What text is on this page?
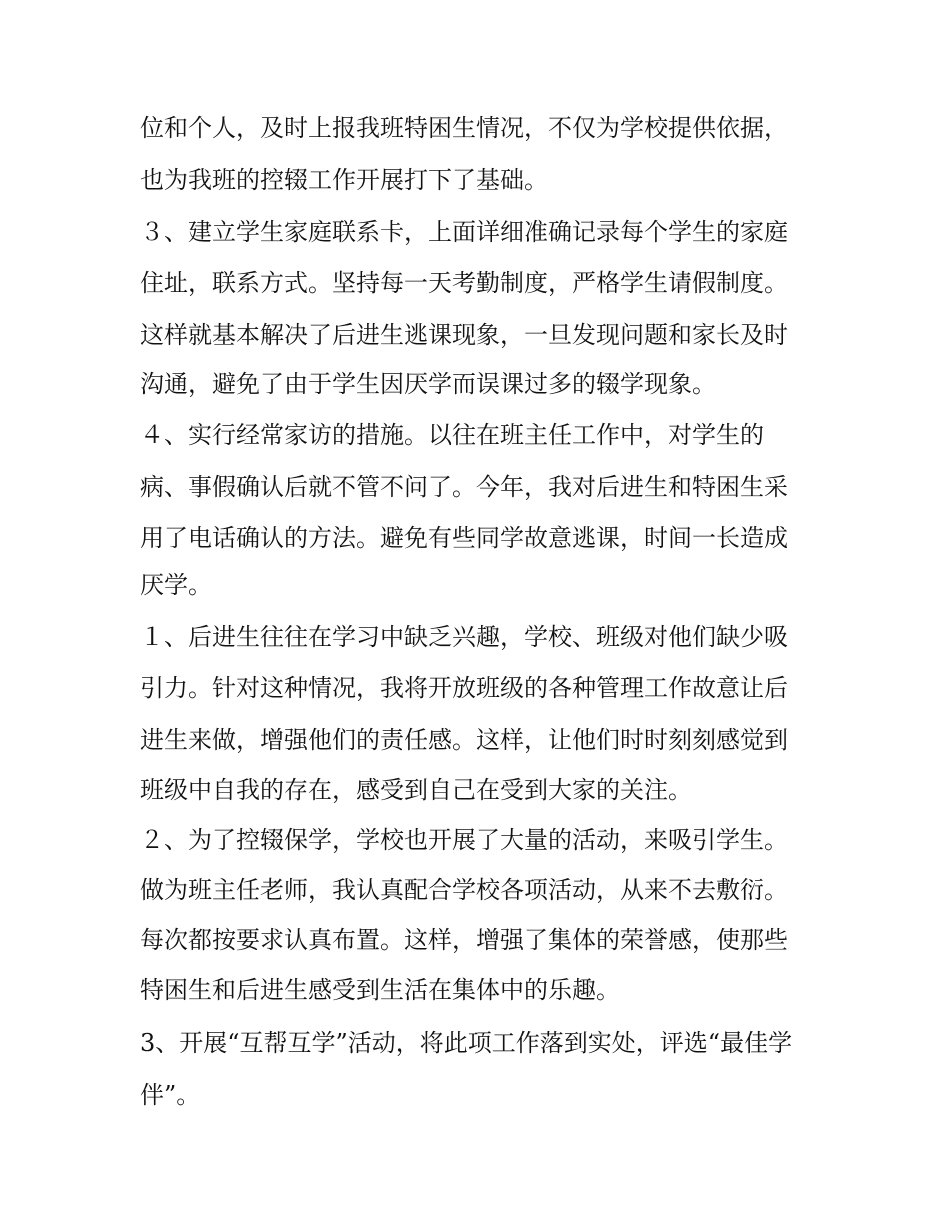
位和个人，及时上报我班特困生情况，不仅为学校提供依据，
也为我班的控辍工作开展打下了基础。
３、建立学生家庭联系卡，上面详细准确记录每个学生的家庭
住址，联系方式。坚持每一天考勤制度，严格学生请假制度。
这样就基本解决了后进生逃课现象，一旦发现问题和家长及时
沟通，避免了由于学生因厌学而误课过多的辍学现象。
４、实行经常家访的措施。以往在班主任工作中，对学生的
病、事假确认后就不管不问了。今年，我对后进生和特困生采
用了电话确认的方法。避免有些同学故意逃课，时间一长造成
厌学。
１、后进生往往在学习中缺乏兴趣，学校、班级对他们缺少吸
引力。针对这种情况，我将开放班级的各种管理工作故意让后
进生来做，增强他们的责任感。这样，让他们时时刻刻感觉到
班级中自我的存在，感受到自己在受到大家的关注。
２、为了控辍保学，学校也开展了大量的活动，来吸引学生。
做为班主任老师，我认真配合学校各项活动，从来不去敷衍。
每次都按要求认真布置。这样，增强了集体的荣誉感，使那些
特困生和后进生感受到生活在集体中的乐趣。
3、开展“互帮互学”活动，将此项工作落到实处，评选“最佳学
伴”。
